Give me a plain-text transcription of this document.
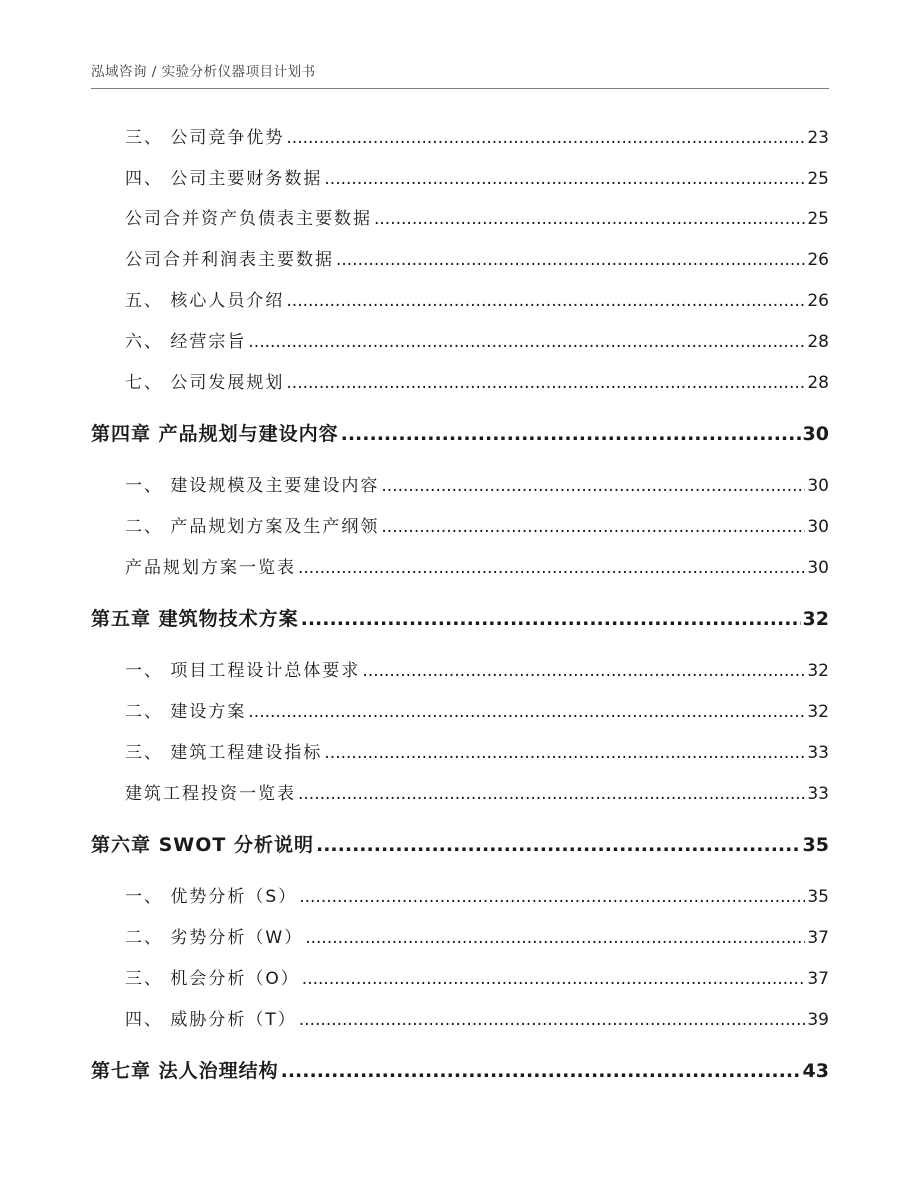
泓域咨询 / 实验分析仪器项目计划书
三、 公司竞争优势 .....	23
四、 公司主要财务数据 .....	25
公司合并资产负债表主要数据 .....	25
公司合并利润表主要数据 .....	26
五、 核心人员介绍 .....	26
六、 经营宗旨 .....	28
七、 公司发展规划 .....	28
第四章 产品规划与建设内容 .....	30
一、 建设规模及主要建设内容 .....	30
二、 产品规划方案及生产纲领 .....	30
产品规划方案一览表 .....	30
第五章 建筑物技术方案 .....	32
一、 项目工程设计总体要求 .....	32
二、 建设方案 .....	32
三、 建筑工程建设指标 .....	33
建筑工程投资一览表 .....	33
第六章 SWOT 分析说明 .....	35
一、 优势分析（S） .....	35
二、 劣势分析（W） .....	37
三、 机会分析（O） .....	37
四、 威胁分析（T） .....	39
第七章 法人治理结构 .....	43
